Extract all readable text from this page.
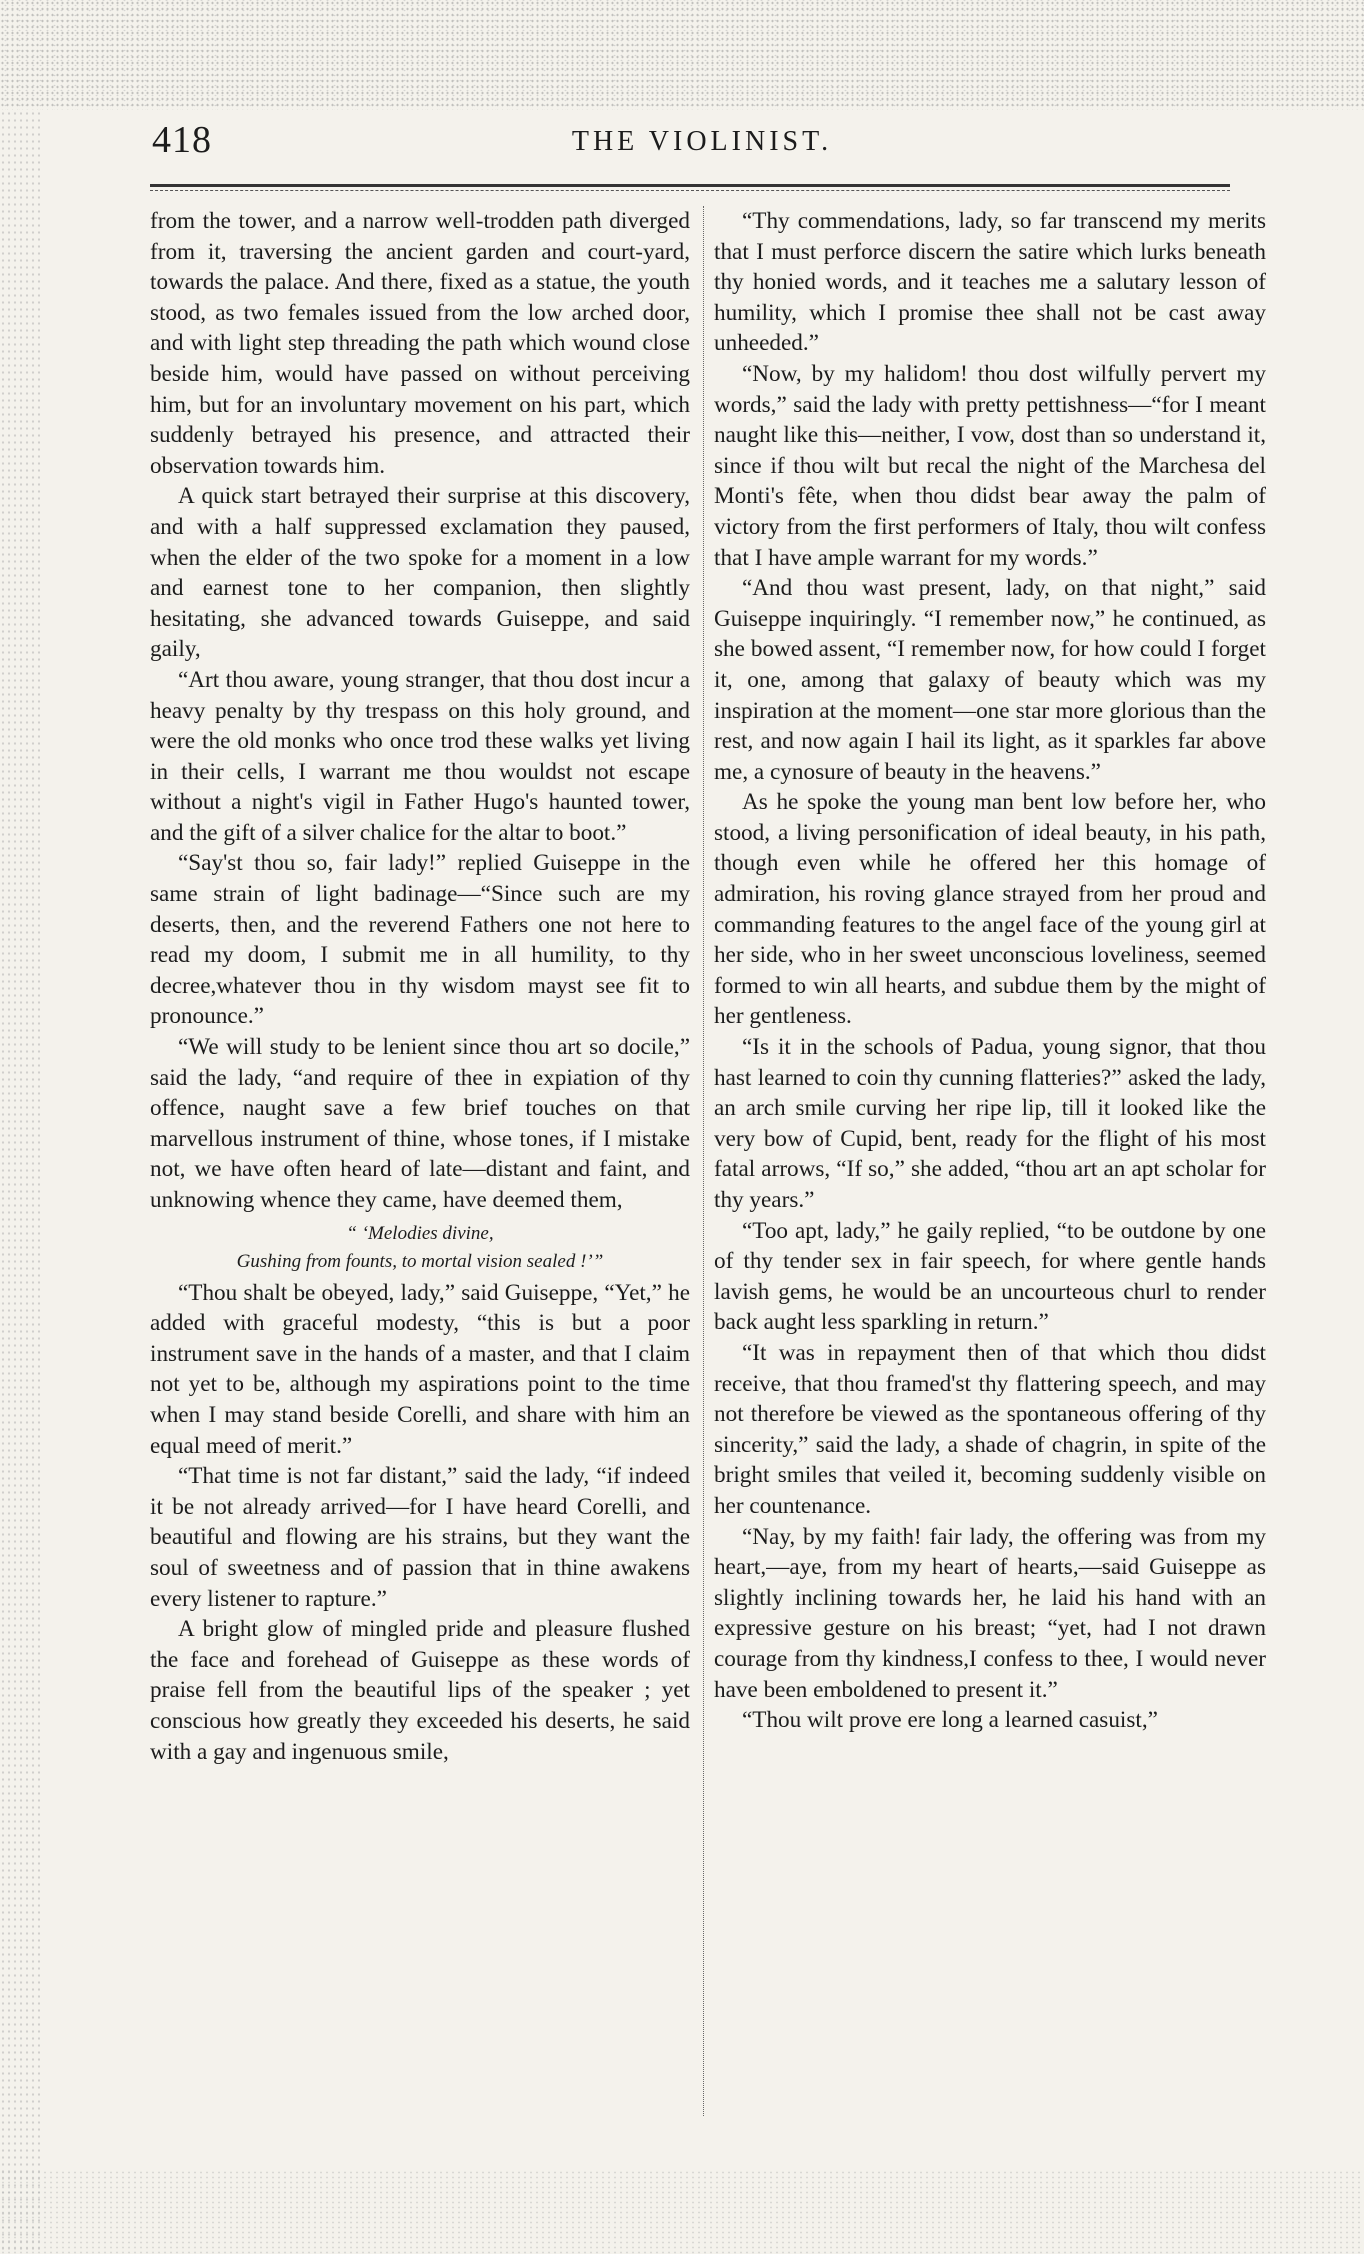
418	THE VIOLINIST.

from the tower, and a narrow well-trodden path diverged from it, traversing the ancient garden and court-yard, towards the palace. And there, fixed as a statue, the youth stood, as two females issued from the low arched door, and with light step threading the path which wound close beside him, would have passed on without perceiving him, but for an involuntary movement on his part, which suddenly betrayed his presence, and attracted their observation towards him.

A quick start betrayed their surprise at this discovery, and with a half suppressed exclamation they paused, when the elder of the two spoke for a moment in a low and earnest tone to her companion, then slightly hesitating, she advanced towards Guiseppe, and said gaily,

“Art thou aware, young stranger, that thou dost incur a heavy penalty by thy trespass on this holy ground, and were the old monks who once trod these walks yet living in their cells, I warrant me thou wouldst not escape without a night's vigil in Father Hugo's haunted tower, and the gift of a silver chalice for the altar to boot.”

“Say'st thou so, fair lady!” replied Guiseppe in the same strain of light badinage—“Since such are my deserts, then, and the reverend Fathers one not here to read my doom, I submit me in all humility, to thy decree,whatever thou in thy wisdom mayst see fit to pronounce.”

“We will study to be lenient since thou art so docile,” said the lady, “and require of thee in expiation of thy offence, naught save a few brief touches on that marvellous instrument of thine, whose tones, if I mistake not, we have often heard of late—distant and faint, and unknowing whence they came, have deemed them,

“ ‘Melodies divine,

Gushing from founts, to mortal vision sealed !’”

“Thou shalt be obeyed, lady,” said Guiseppe, “Yet,” he added with graceful modesty, “this is but a poor instrument save in the hands of a master, and that I claim not yet to be, although my aspirations point to the time when I may stand beside Corelli, and share with him an equal meed of merit.”

“That time is not far distant,” said the lady, “if indeed it be not already arrived—for I have heard Corelli, and beautiful and flowing are his strains, but they want the soul of sweetness and of passion that in thine awakens every listener to rapture.”

A bright glow of mingled pride and pleasure flushed the face and forehead of Guiseppe as these words of praise fell from the beautiful lips of the speaker ; yet conscious how greatly they exceeded his deserts, he said with a gay and ingenuous smile,

“Thy commendations, lady, so far transcend my merits that I must perforce discern the satire which lurks beneath thy honied words, and it teaches me a salutary lesson of humility, which I promise thee shall not be cast away unheeded.”

“Now, by my halidom! thou dost wilfully pervert my words,” said the lady with pretty pettishness—“for I meant naught like this—neither, I vow, dost than so understand it, since if thou wilt but recal the night of the Marchesa del Monti's fête, when thou didst bear away the palm of victory from the first performers of Italy, thou wilt confess that I have ample warrant for my words.”

“And thou wast present, lady, on that night,” said Guiseppe inquiringly. “I remember now,” he continued, as she bowed assent, “I remember now, for how could I forget it, one, among that galaxy of beauty which was my inspiration at the moment—one star more glorious than the rest, and now again I hail its light, as it sparkles far above me, a cynosure of beauty in the heavens.”

As he spoke the young man bent low before her, who stood, a living personification of ideal beauty, in his path, though even while he offered her this homage of admiration, his roving glance strayed from her proud and commanding features to the angel face of the young girl at her side, who in her sweet unconscious loveliness, seemed formed to win all hearts, and subdue them by the might of her gentleness.

“Is it in the schools of Padua, young signor, that thou hast learned to coin thy cunning flatteries?” asked the lady, an arch smile curving her ripe lip, till it looked like the very bow of Cupid, bent, ready for the flight of his most fatal arrows, “If so,” she added, “thou art an apt scholar for thy years.”

“Too apt, lady,” he gaily replied, “to be outdone by one of thy tender sex in fair speech, for where gentle hands lavish gems, he would be an uncourteous churl to render back aught less sparkling in return.”

“It was in repayment then of that which thou didst receive, that thou framed'st thy flattering speech, and may not therefore be viewed as the spontaneous offering of thy sincerity,” said the lady, a shade of chagrin, in spite of the bright smiles that veiled it, becoming suddenly visible on her countenance.

“Nay, by my faith! fair lady, the offering was from my heart,—aye, from my heart of hearts,—said Guiseppe as slightly inclining towards her, he laid his hand with an expressive gesture on his breast; “yet, had I not drawn courage from thy kindness,I confess to thee, I would never have been emboldened to present it.”

“Thou wilt prove ere long a learned casuist,”
